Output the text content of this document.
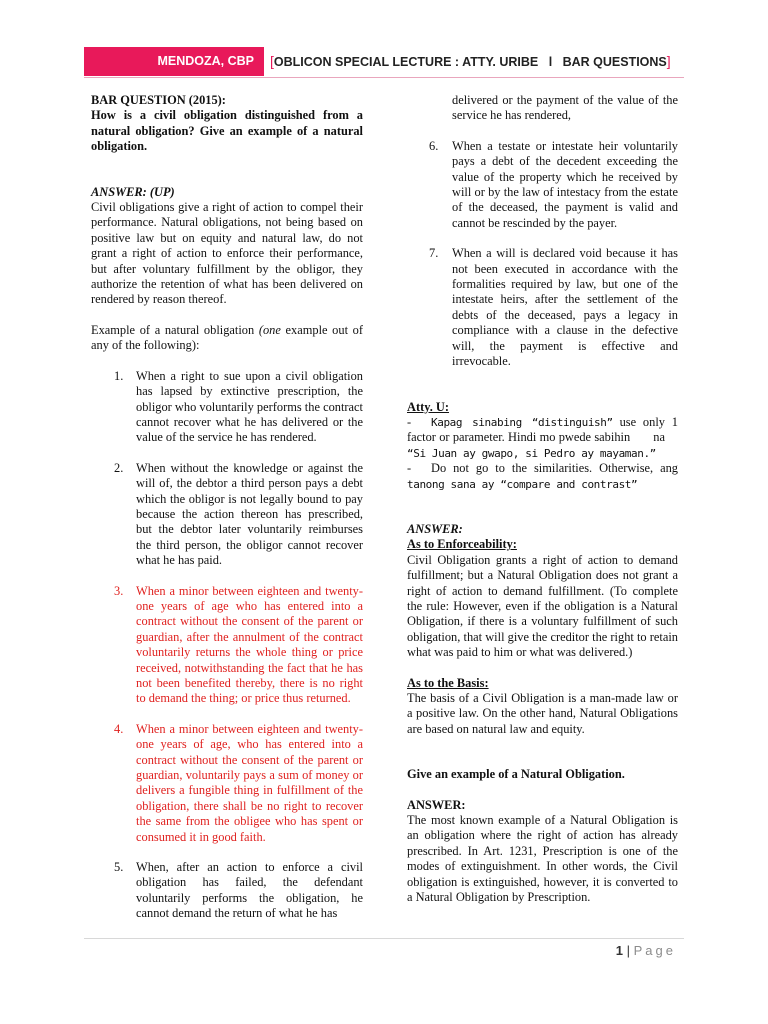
MENDOZA, CBP	[OBLICON SPECIAL LECTURE : ATTY. URIBE l BAR QUESTIONS]

BAR QUESTION (2015):

How is a civil obligation distinguished from a natural obligation? Give an example of a natural obligation.

ANSWER: (UP)

Civil obligations give a right of action to compel their performance. Natural obligations, not being based on positive law but on equity and natural law, do not grant a right of action to enforce their performance, but after voluntary fulfillment by the obligor, they authorize the retention of what has been delivered on rendered by reason thereof.

Example of a natural obligation (one example out of any of the following):

1. When a right to sue upon a civil obligation has lapsed by extinctive prescription, the obligor who voluntarily performs the contract cannot recover what he has delivered or the value of the service he has rendered.
2. When without the knowledge or against the will of, the debtor a third person pays a debt which the obligor is not legally bound to pay because the action thereon has prescribed, but the debtor later voluntarily reimburses the third person, the obligor cannot recover what he has paid.
3. When a minor between eighteen and twenty-one years of age who has entered into a contract without the consent of the parent or guardian, after the annulment of the contract voluntarily returns the whole thing or price received, notwithstanding the fact that he has not been benefited thereby, there is no right to demand the thing; or price thus returned.
4. When a minor between eighteen and twenty-one years of age, who has entered into a contract without the consent of the parent or guardian, voluntarily pays a sum of money or delivers a fungible thing in fulfillment of the obligation, there shall be no right to recover the same from the obligee who has spent or consumed it in good faith.
5. When, after an action to enforce a civil obligation has failed, the defendant voluntarily performs the obligation, he cannot demand the return of what he has

delivered or the payment of the value of the service he has rendered,

6. When a testate or intestate heir voluntarily pays a debt of the decedent exceeding the value of the property which he received by will or by the law of intestacy from the estate of the deceased, the payment is valid and cannot be rescinded by the payer.
7. When a will is declared void because it has not been executed in accordance with the formalities required by law, but one of the intestate heirs, after the settlement of the debts of the deceased, pays a legacy in compliance with a clause in the defective will, the payment is effective and irrevocable.

Atty. U:

- Kapag sinabing “distinguish” use only 1 factor or parameter. Hindi mo pwede sabihin na     “Si Juan ay gwapo, si Pedro ay mayaman.”

- Do not go to the similarities. Otherwise, ang tanong sana ay “compare and contrast”

ANSWER:

As to Enforceability:

Civil Obligation grants a right of action to demand fulfillment; but a Natural Obligation does not grant a right of action to demand fulfillment. (To complete the rule: However, even if the obligation is a Natural Obligation, if there is a voluntary fulfillment of such obligation, that will give the creditor the right to retain what was paid to him or what was delivered.)

As to the Basis:

The basis of a Civil Obligation is a man-made law or a positive law. On the other hand, Natural Obligations are based on natural law and equity.

Give an example of a Natural Obligation.

ANSWER:

The most known example of a Natural Obligation is an obligation where the right of action has already prescribed. In Art. 1231, Prescription is one of the modes of extinguishment. In other words, the Civil obligation is extinguished, however, it is converted to a Natural Obligation by Prescription.

1 | Page
